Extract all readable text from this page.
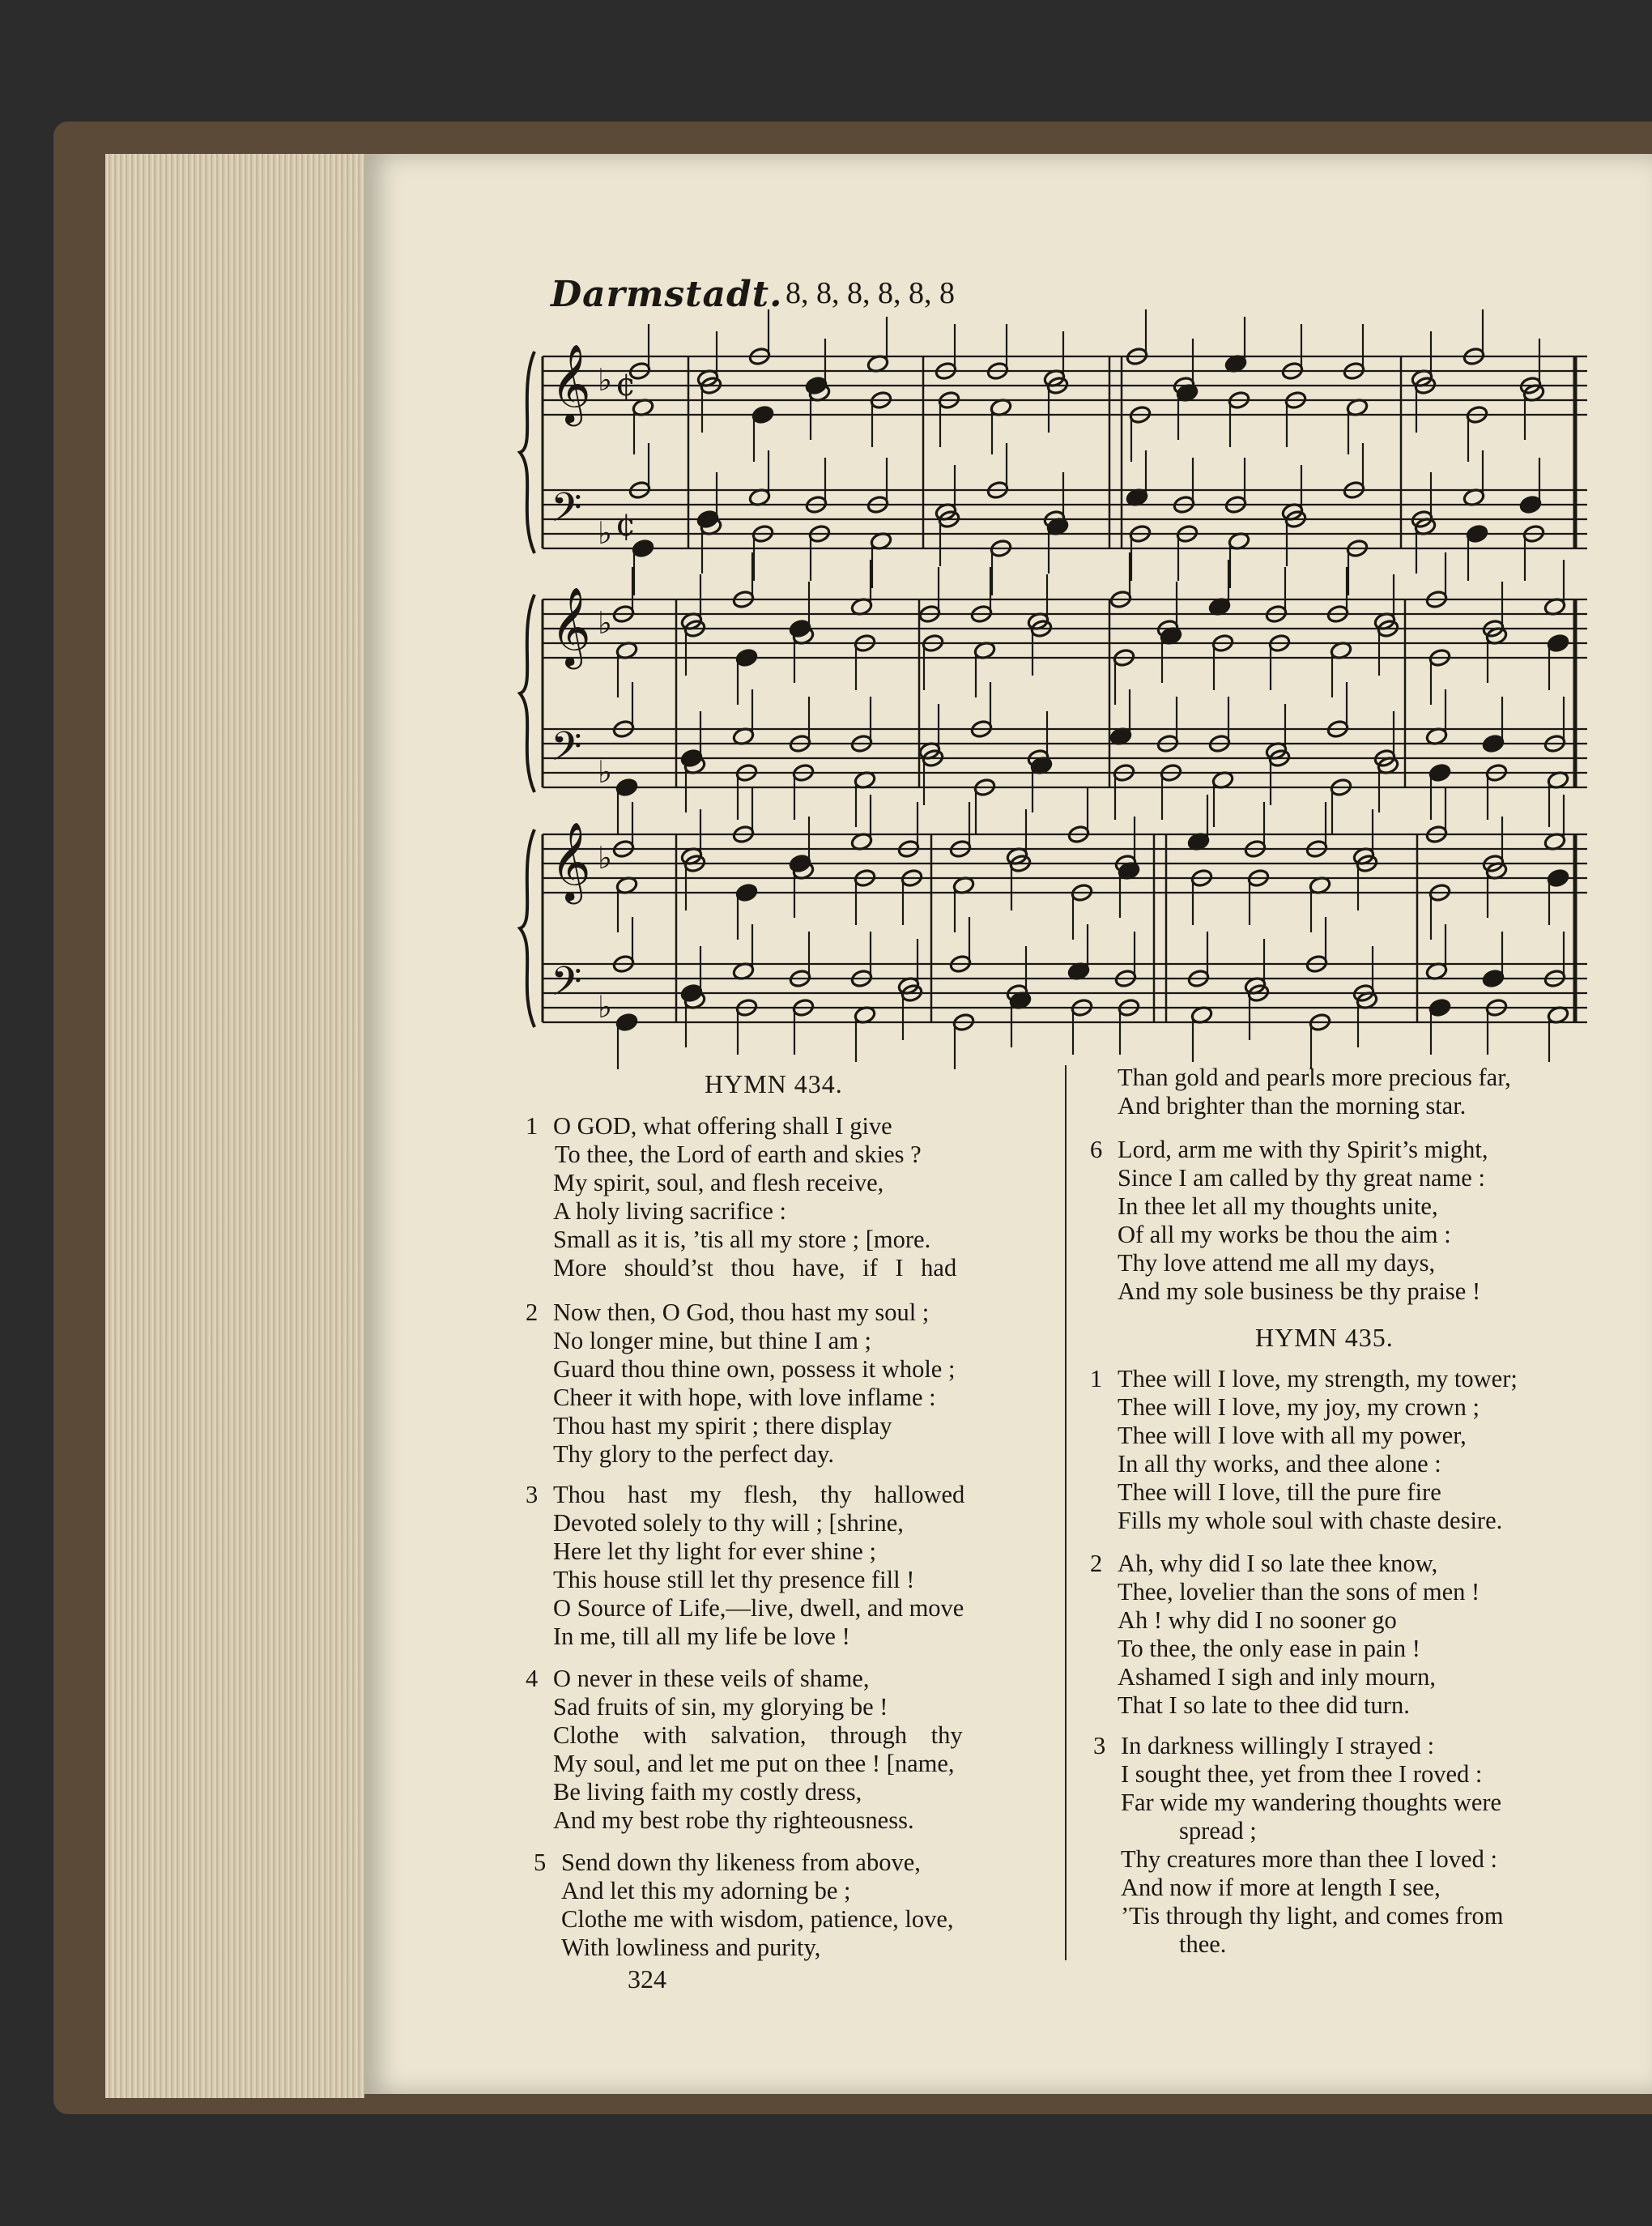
Darmstadt. 8, 8, 8, 8, 8, 8
𝄞
𝄢
♭
♭
¢
¢
𝄞
𝄢
♭
♭
𝄞
𝄢
♭
♭
HYMN 434.
1 O GOD, what offering shall I give
To thee, the Lord of earth and skies ?
My spirit, soul, and flesh receive,
A holy living sacrifice :
Small as it is, ’tis all my store ; [more.
More should’st thou have, if I had
2 Now then, O God, thou hast my soul ;
No longer mine, but thine I am ;
Guard thou thine own, possess it whole ;
Cheer it with hope, with love inflame :
Thou hast my spirit ; there display
Thy glory to the perfect day.
3 Thou hast my flesh, thy hallowed
Devoted solely to thy will ; [shrine,
Here let thy light for ever shine ;
This house still let thy presence fill !
O Source of Life,—live, dwell, and move
In me, till all my life be love !
4 O never in these veils of shame,
Sad fruits of sin, my glorying be !
Clothe with salvation, through thy
My soul, and let me put on thee ! [name,
Be living faith my costly dress,
And my best robe thy righteousness.
5 Send down thy likeness from above,
And let this my adorning be ;
Clothe me with wisdom, patience, love,
With lowliness and purity,
324
Than gold and pearls more precious far,
And brighter than the morning star.
6 Lord, arm me with thy Spirit’s might,
Since I am called by thy great name :
In thee let all my thoughts unite,
Of all my works be thou the aim :
Thy love attend me all my days,
And my sole business be thy praise !
HYMN 435.
1 Thee will I love, my strength, my tower;
Thee will I love, my joy, my crown ;
Thee will I love with all my power,
In all thy works, and thee alone :
Thee will I love, till the pure fire
Fills my whole soul with chaste desire.
2 Ah, why did I so late thee know,
Thee, lovelier than the sons of men !
Ah ! why did I no sooner go
To thee, the only ease in pain !
Ashamed I sigh and inly mourn,
That I so late to thee did turn.
3 In darkness willingly I strayed :
I sought thee, yet from thee I roved :
Far wide my wandering thoughts were
spread ;
Thy creatures more than thee I loved :
And now if more at length I see,
’Tis through thy light, and comes from
thee.
